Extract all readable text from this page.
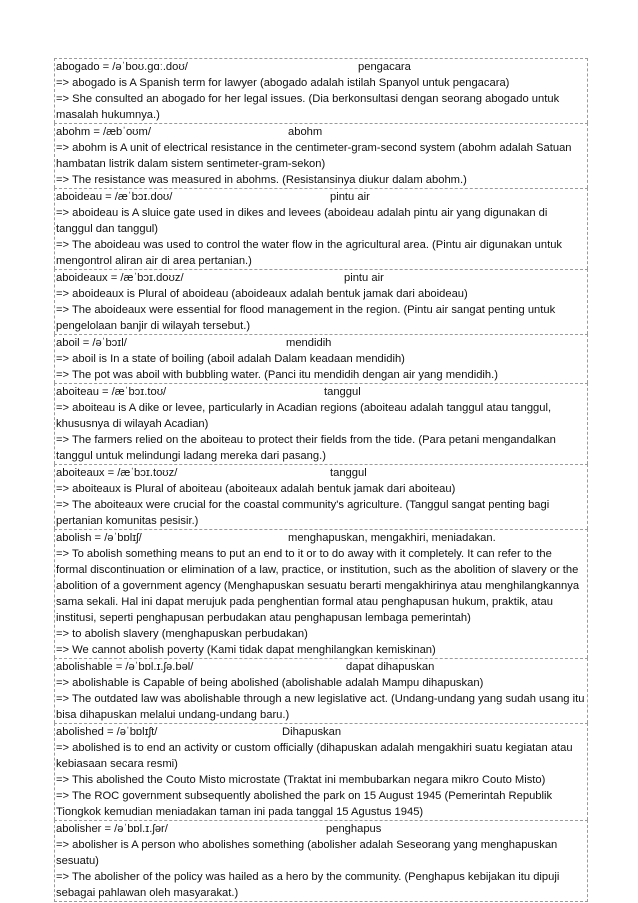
abogado = /əˈboʊ.ɡɑː.doʊ/	pengacara
=> abogado is A Spanish term for lawyer (abogado adalah istilah Spanyol untuk pengacara)
=> She consulted an abogado for her legal issues. (Dia berkonsultasi dengan seorang abogado untuk masalah hukumnya.)
abohm = /æbˈoʊm/	abohm
=> abohm is A unit of electrical resistance in the centimeter-gram-second system (abohm adalah Satuan hambatan listrik dalam sistem sentimeter-gram-sekon)
=> The resistance was measured in abohms. (Resistansinya diukur dalam abohm.)
aboideau = /æˈbɔɪ.doʊ/	pintu air
=> aboideau is A sluice gate used in dikes and levees (aboideau adalah pintu air yang digunakan di tanggul dan tanggul)
=> The aboideau was used to control the water flow in the agricultural area. (Pintu air digunakan untuk mengontrol aliran air di area pertanian.)
aboideaux = /æˈbɔɪ.doʊz/	pintu air
=> aboideaux is Plural of aboideau (aboideaux adalah bentuk jamak dari aboideau)
=> The aboideaux were essential for flood management in the region. (Pintu air sangat penting untuk pengelolaan banjir di wilayah tersebut.)
aboil = /əˈbɔɪl/	mendidih
=> aboil is In a state of boiling (aboil adalah Dalam keadaan mendidih)
=> The pot was aboil with bubbling water. (Panci itu mendidih dengan air yang mendidih.)
aboiteau = /æˈbɔɪ.toʊ/	tanggul
=> aboiteau is A dike or levee, particularly in Acadian regions (aboiteau adalah tanggul atau tanggul, khususnya di wilayah Acadian)
=> The farmers relied on the aboiteau to protect their fields from the tide. (Para petani mengandalkan tanggul untuk melindungi ladang mereka dari pasang.)
aboiteaux = /æˈbɔɪ.toʊz/	tanggul
=> aboiteaux is Plural of aboiteau (aboiteaux adalah bentuk jamak dari aboiteau)
=> The aboiteaux were crucial for the coastal community's agriculture. (Tanggul sangat penting bagi pertanian komunitas pesisir.)
abolish = /əˈbɒlɪʃ/	menghapuskan, mengakhiri, meniadakan.
=> To abolish something means to put an end to it or to do away with it completely. It can refer to the formal discontinuation or elimination of a law, practice, or institution, such as the abolition of slavery or the abolition of a government agency (Menghapuskan sesuatu berarti mengakhirinya atau menghilangkannya sama sekali. Hal ini dapat merujuk pada penghentian formal atau penghapusan hukum, praktik, atau institusi, seperti penghapusan perbudakan atau penghapusan lembaga pemerintah)
=> to abolish slavery (menghapuskan perbudakan)
=> We cannot abolish poverty (Kami tidak dapat menghilangkan kemiskinan)
abolishable = /əˈbɒl.ɪ.ʃə.bəl/	dapat dihapuskan
=> abolishable is Capable of being abolished (abolishable adalah Mampu dihapuskan)
=> The outdated law was abolishable through a new legislative act. (Undang-undang yang sudah usang itu bisa dihapuskan melalui undang-undang baru.)
abolished = /əˈbɒlɪʃt/	Dihapuskan
=> abolished is to end an activity or custom officially (dihapuskan adalah mengakhiri suatu kegiatan atau kebiasaan secara resmi)
=> This abolished the Couto Misto microstate (Traktat ini membubarkan negara mikro Couto Misto)
=> The ROC government subsequently abolished the park on 15 August 1945 (Pemerintah Republik Tiongkok kemudian meniadakan taman ini pada tanggal 15 Agustus 1945)
abolisher = /əˈbɒl.ɪ.ʃər/	penghapus
=> abolisher is A person who abolishes something (abolisher adalah Seseorang yang menghapuskan sesuatu)
=> The abolisher of the policy was hailed as a hero by the community. (Penghapus kebijakan itu dipuji sebagai pahlawan oleh masyarakat.)
